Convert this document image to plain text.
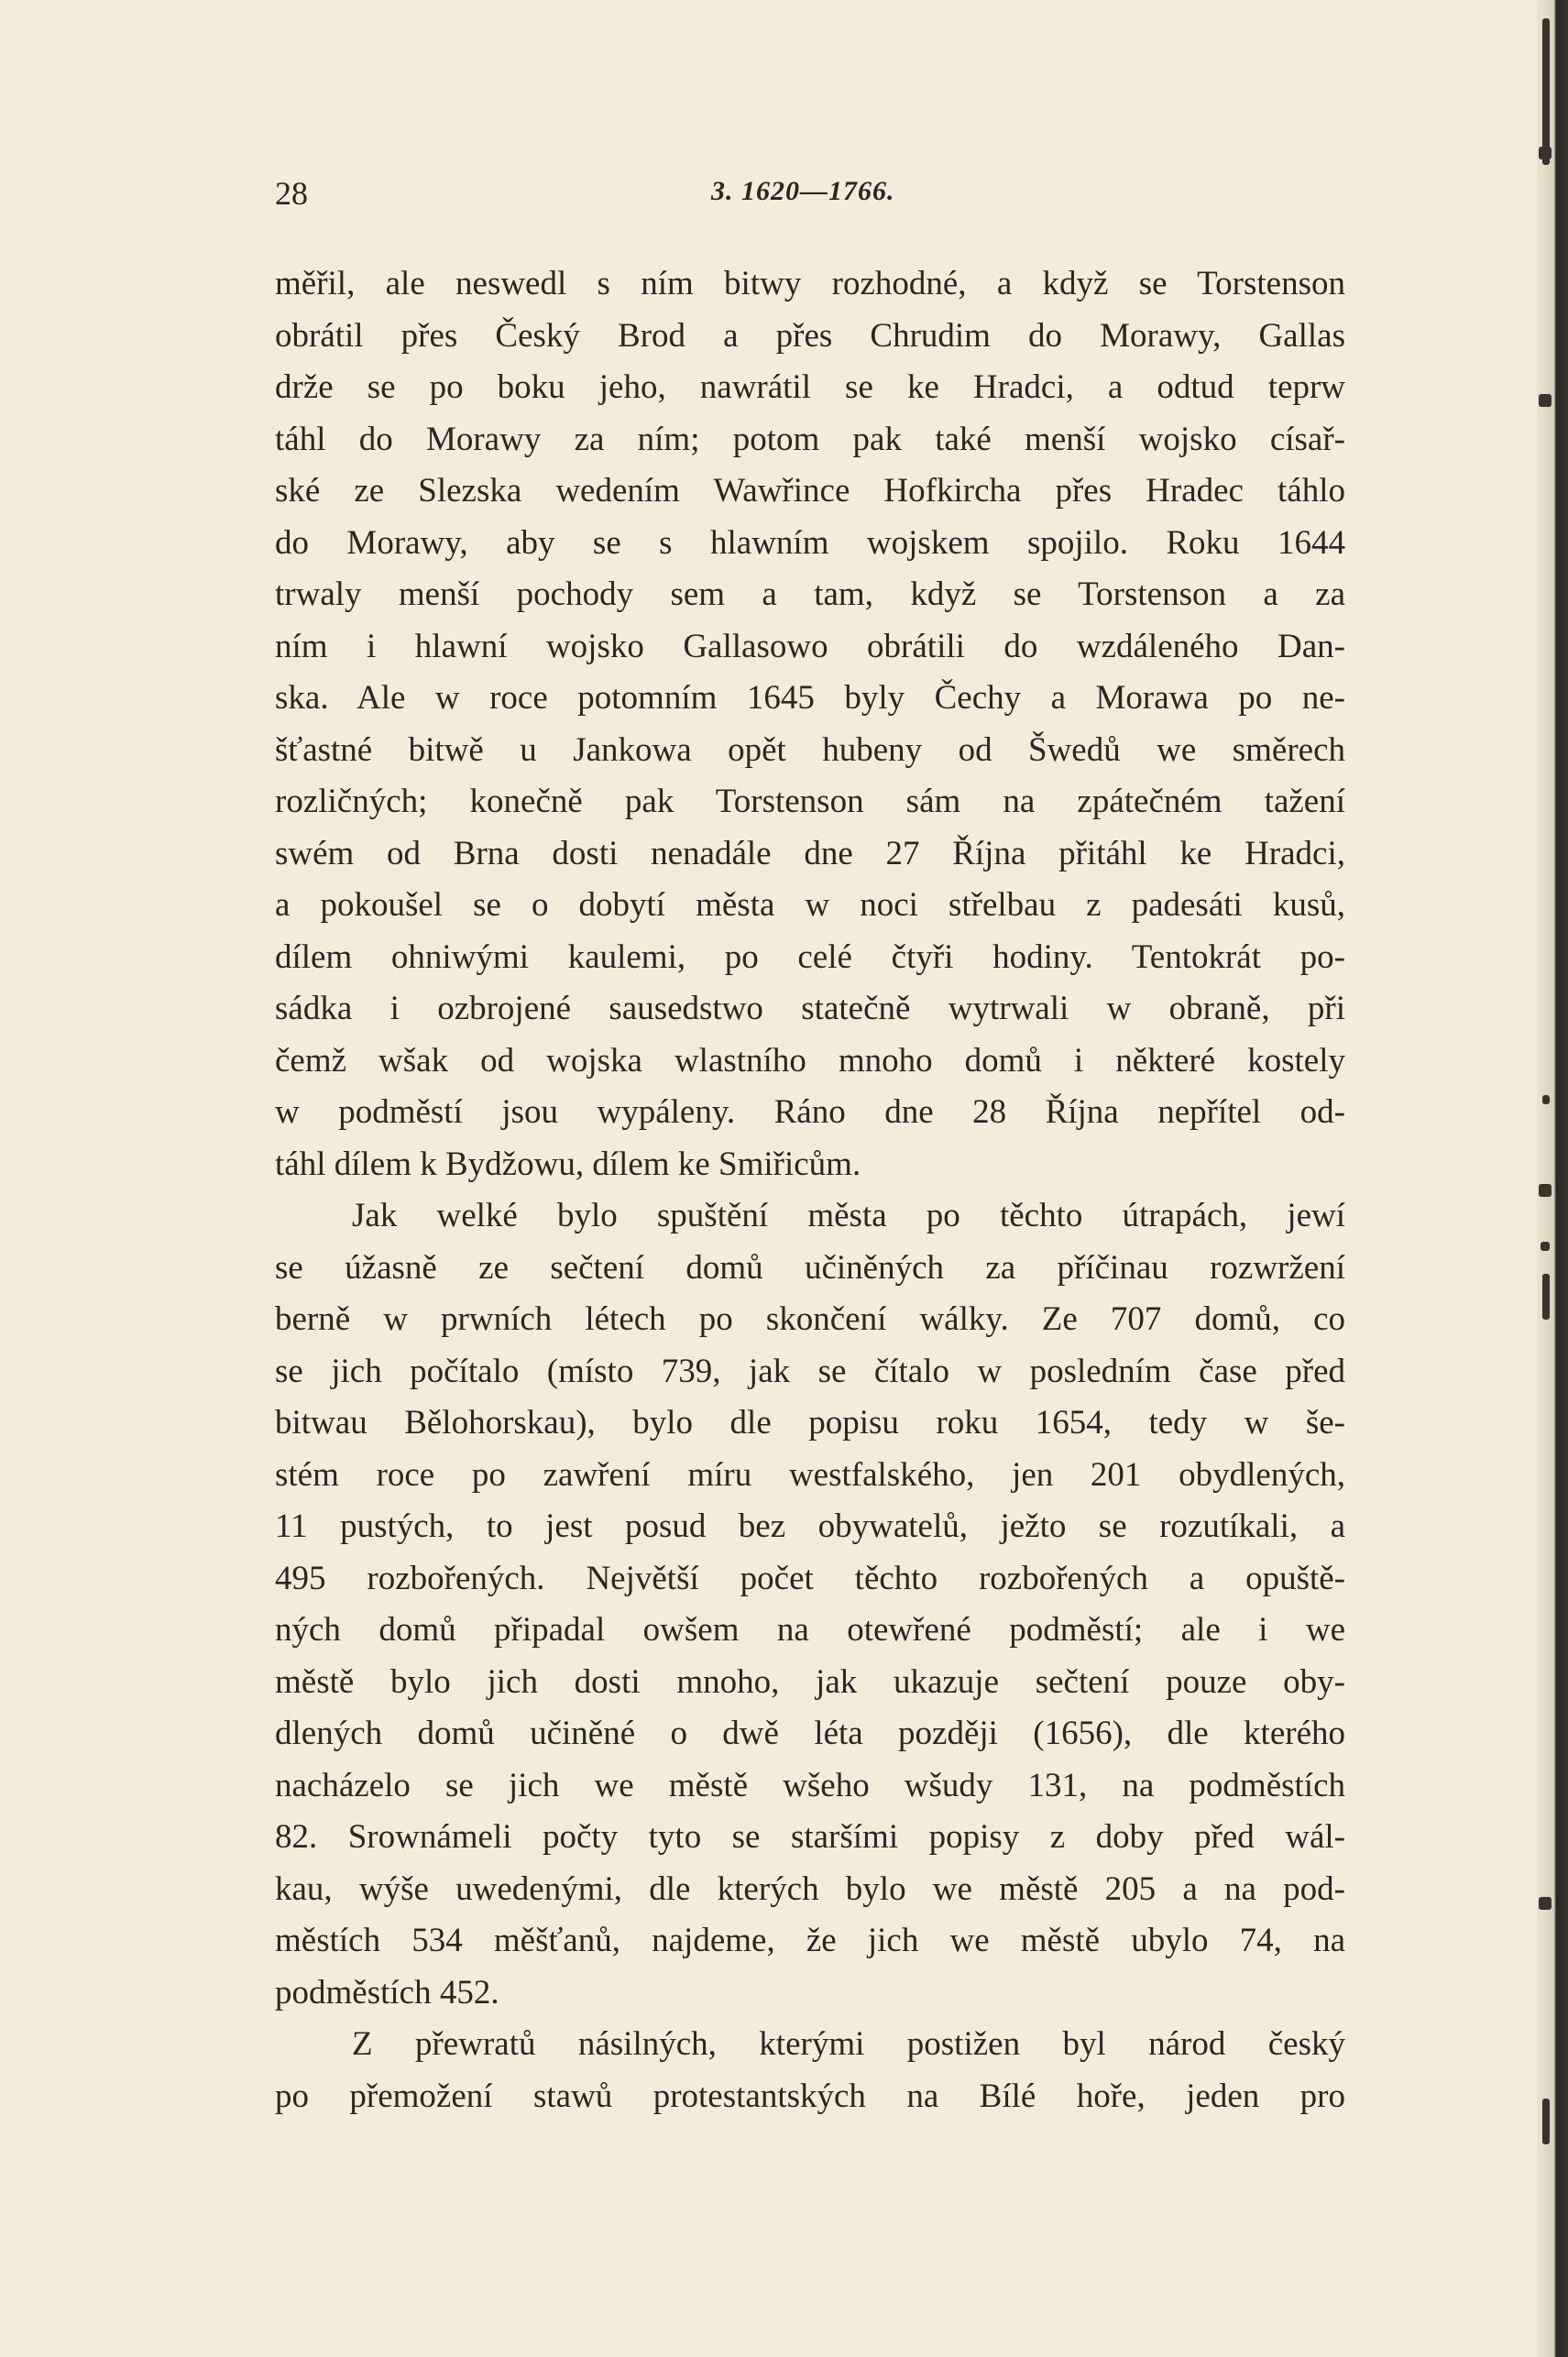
28	3. 1620—1766.
měřil, ale neswedl s ním bitwy rozhodné, a když se Torstenson
obrátil přes Český Brod a přes Chrudim do Morawy, Gallas
drže se po boku jeho, nawrátil se ke Hradci, a odtud teprw
táhl do Morawy za ním; potom pak také menší wojsko císař-
ské ze Slezska wedením Wawřince Hofkircha přes Hradec táhlo
do Morawy, aby se s hlawním wojskem spojilo. Roku 1644
trwaly menší pochody sem a tam, když se Torstenson a za
ním i hlawní wojsko Gallasowo obrátili do wzdáleného Dan-
ska. Ale w roce potomním 1645 byly Čechy a Morawa po ne-
šťastné bitwě u Jankowa opět hubeny od Šwedů we směrech
rozličných; konečně pak Torstenson sám na zpátečném tažení
swém od Brna dosti nenadále dne 27 Října přitáhl ke Hradci,
a pokoušel se o dobytí města w noci střelbau z padesáti kusů,
dílem ohniwými kaulemi, po celé čtyři hodiny. Tentokrát po-
sádka i ozbrojené sausedstwo statečně wytrwali w obraně, při
čemž wšak od wojska wlastního mnoho domů i některé kostely
w podměstí jsou wypáleny. Ráno dne 28 Října nepřítel od-
táhl dílem k Bydžowu, dílem ke Smiřicům.
Jak welké bylo spuštění města po těchto útrapách, jewí
se úžasně ze sečtení domů učiněných za příčinau rozwržení
berně w prwních létech po skončení wálky. Ze 707 domů, co
se jich počítalo (místo 739, jak se čítalo w posledním čase před
bitwau Bělohorskau), bylo dle popisu roku 1654, tedy w še-
stém roce po zawření míru westfalského, jen 201 obydlených,
11 pustých, to jest posud bez obywatelů, ježto se rozutíkali, a
495 rozbořených. Největší počet těchto rozbořených a opuště-
ných domů připadal owšem na otewřené podměstí; ale i we
městě bylo jich dosti mnoho, jak ukazuje sečtení pouze oby-
dlených domů učiněné o dwě léta později (1656), dle kterého
nacházelo se jich we městě wšeho wšudy 131, na podměstích
82. Srownámeli počty tyto se staršími popisy z doby před wál-
kau, wýše uwedenými, dle kterých bylo we městě 205 a na pod-
městích 534 měšťanů, najdeme, že jich we městě ubylo 74, na
podměstích 452.
Z přewratů násilných, kterými postižen byl národ český
po přemožení stawů protestantských na Bílé hoře, jeden pro
